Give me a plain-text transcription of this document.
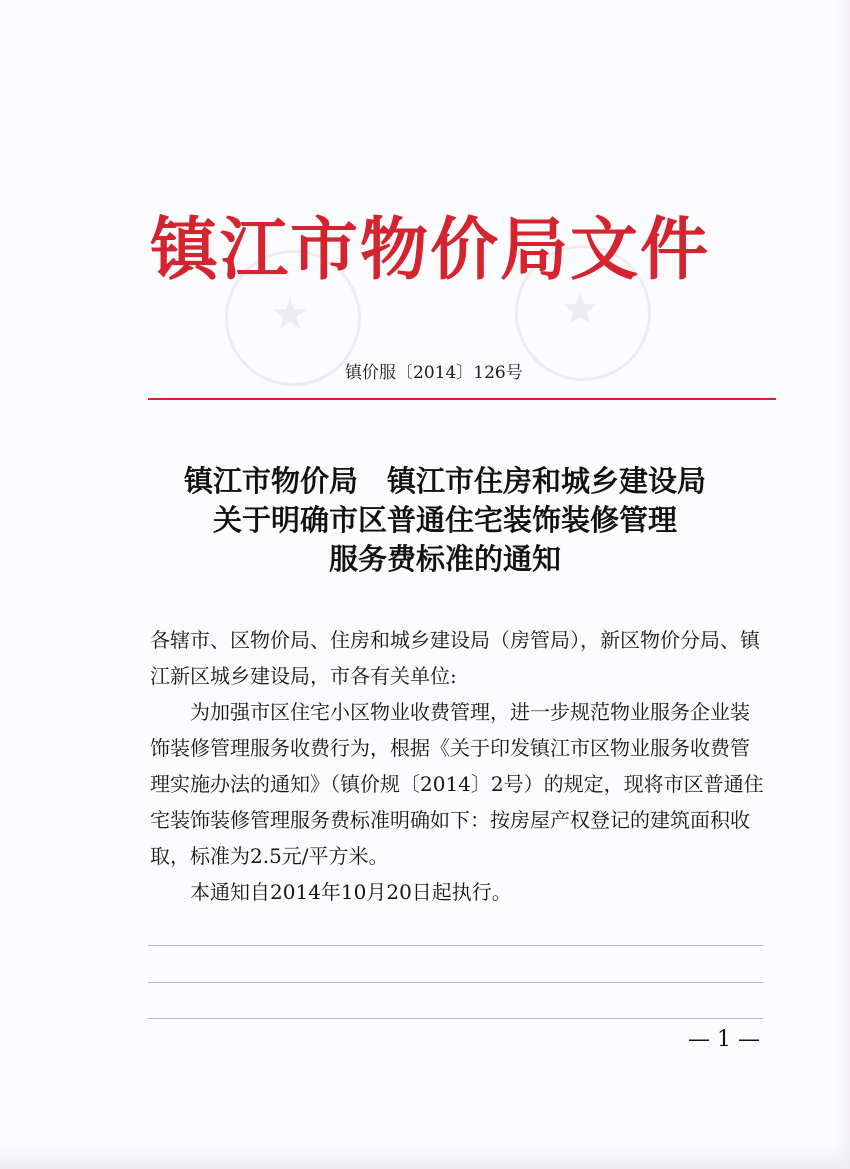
★	★
镇江市物价局文件
镇价服〔2014〕126号
镇江市物价局　镇江市住房和城乡建设局
关于明确市区普通住宅装饰装修管理
服务费标准的通知

各辖市、区物价局、住房和城乡建设局（房管局），新区物价分局、镇江新区城乡建设局，市各有关单位:

为加强市区住宅小区物业收费管理，进一步规范物业服务企业装饰装修管理服务收费行为，根据《关于印发镇江市区物业服务收费管理实施办法的通知》（镇价规〔2014〕2号）的规定，现将市区普通住宅装饰装修管理服务费标准明确如下：按房屋产权登记的建筑面积收取，标准为2.5元/平方米。

本通知自2014年10月20日起执行。

— 1 —
